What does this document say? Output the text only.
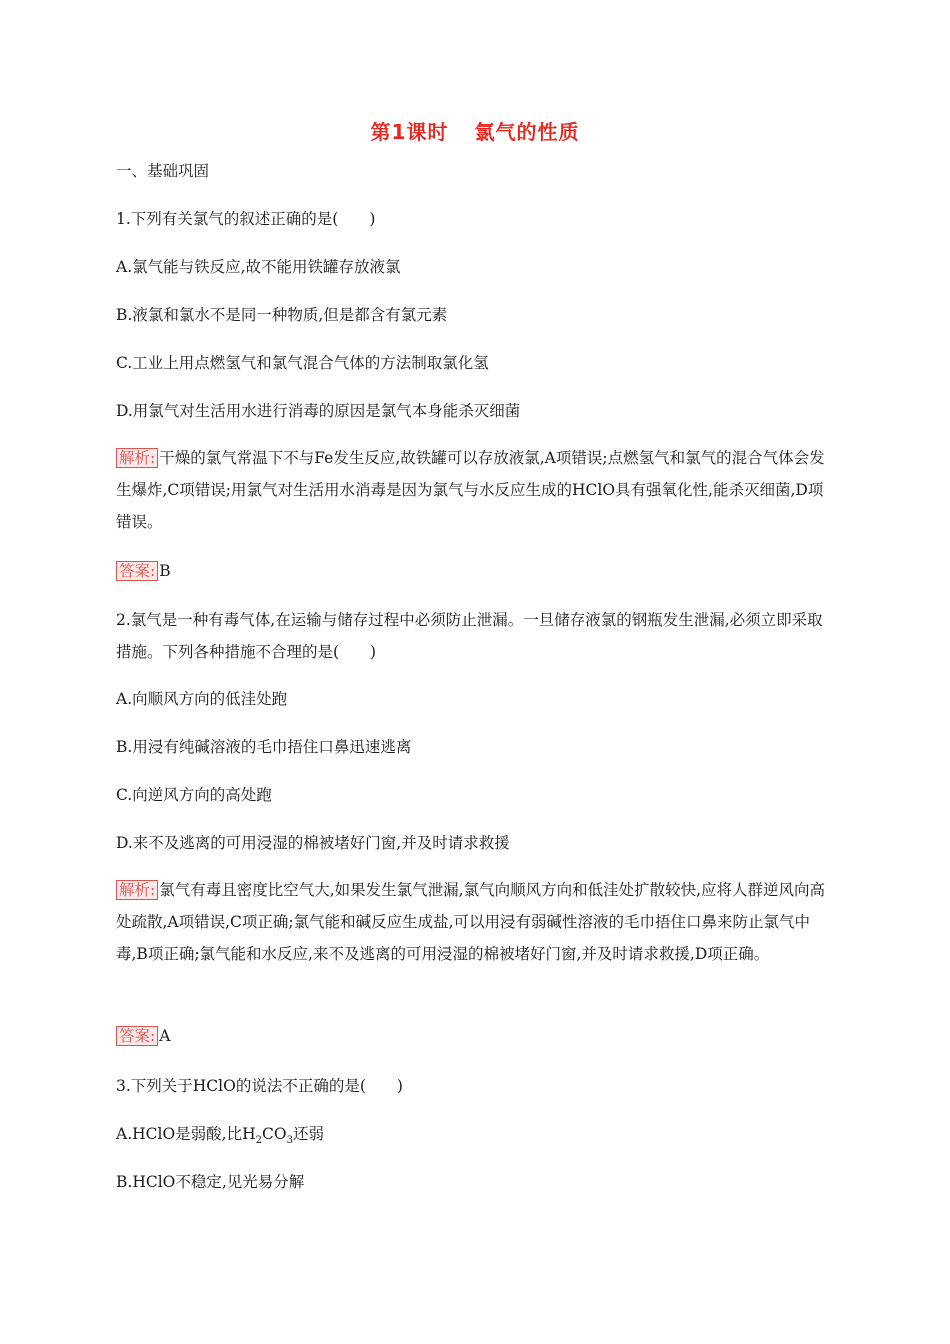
第1课时 氯气的性质
一、基础巩固
1.下列有关氯气的叙述正确的是(　　)
A.氯气能与铁反应,故不能用铁罐存放液氯
B.液氯和氯水不是同一种物质,但是都含有氯元素
C.工业上用点燃氢气和氯气混合气体的方法制取氯化氢
D.用氯气对生活用水进行消毒的原因是氯气本身能杀灭细菌
解析: 干燥的氯气常温下不与Fe发生反应,故铁罐可以存放液氯,A项错误;点燃氢气和氯气的混合气体会发生爆炸,C项错误;用氯气对生活用水消毒是因为氯气与水反应生成的HClO具有强氧化性,能杀灭细菌,D项错误。
答案: B
2.氯气是一种有毒气体,在运输与储存过程中必须防止泄漏。一旦储存液氯的钢瓶发生泄漏,必须立即采取措施。下列各种措施不合理的是(　　)
A.向顺风方向的低洼处跑
B.用浸有纯碱溶液的毛巾捂住口鼻迅速逃离
C.向逆风方向的高处跑
D.来不及逃离的可用浸湿的棉被堵好门窗,并及时请求救援
解析: 氯气有毒且密度比空气大,如果发生氯气泄漏,氯气向顺风方向和低洼处扩散较快,应将人群逆风向高处疏散,A项错误,C项正确;氯气能和碱反应生成盐,可以用浸有弱碱性溶液的毛巾捂住口鼻来防止氯气中毒,B项正确;氯气能和水反应,来不及逃离的可用浸湿的棉被堵好门窗,并及时请求救援,D项正确。
答案: A
3.下列关于HClO的说法不正确的是(　　)
A.HClO是弱酸,比$H_2CO_3$还弱
B.HClO不稳定,见光易分解
